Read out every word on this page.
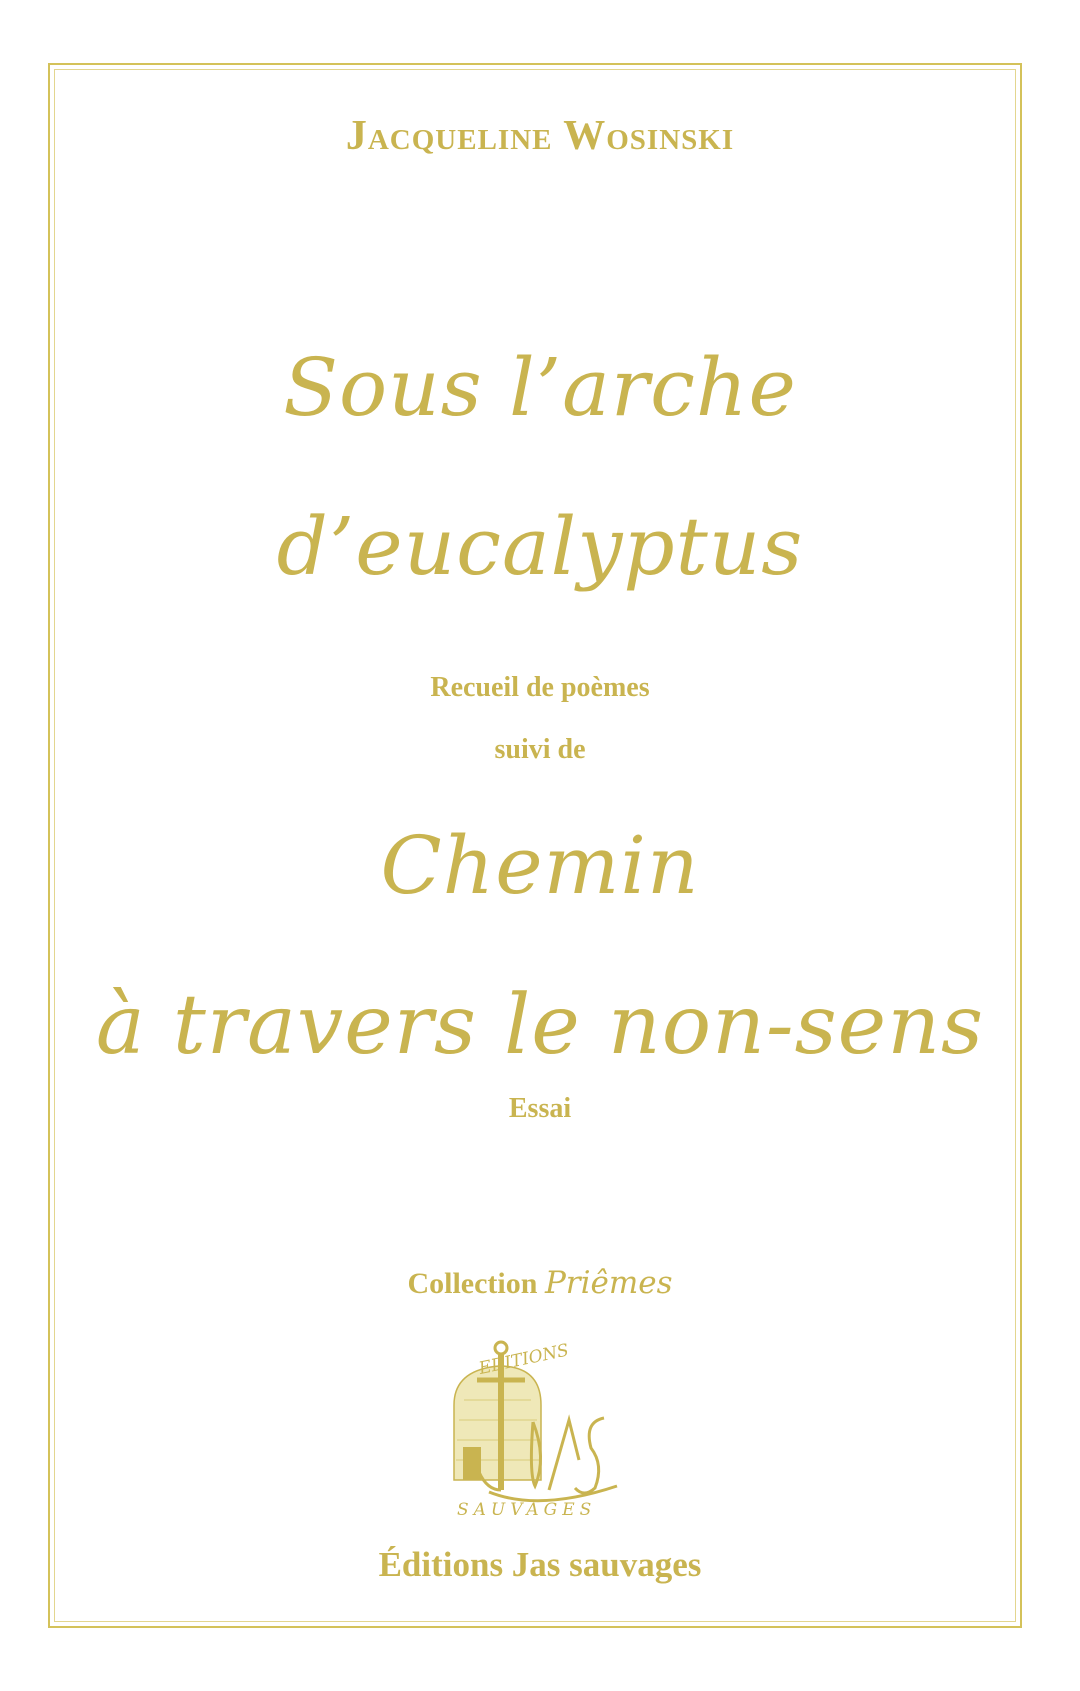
Jacqueline Wosinski
Sous l’arche
d’eucalyptus
Recueil de poèmes
suivi de
Chemin
à travers le non-sens
Essai
Collection Priêmes
EDITIONS
SAUVAGES
Éditions Jas sauvages
